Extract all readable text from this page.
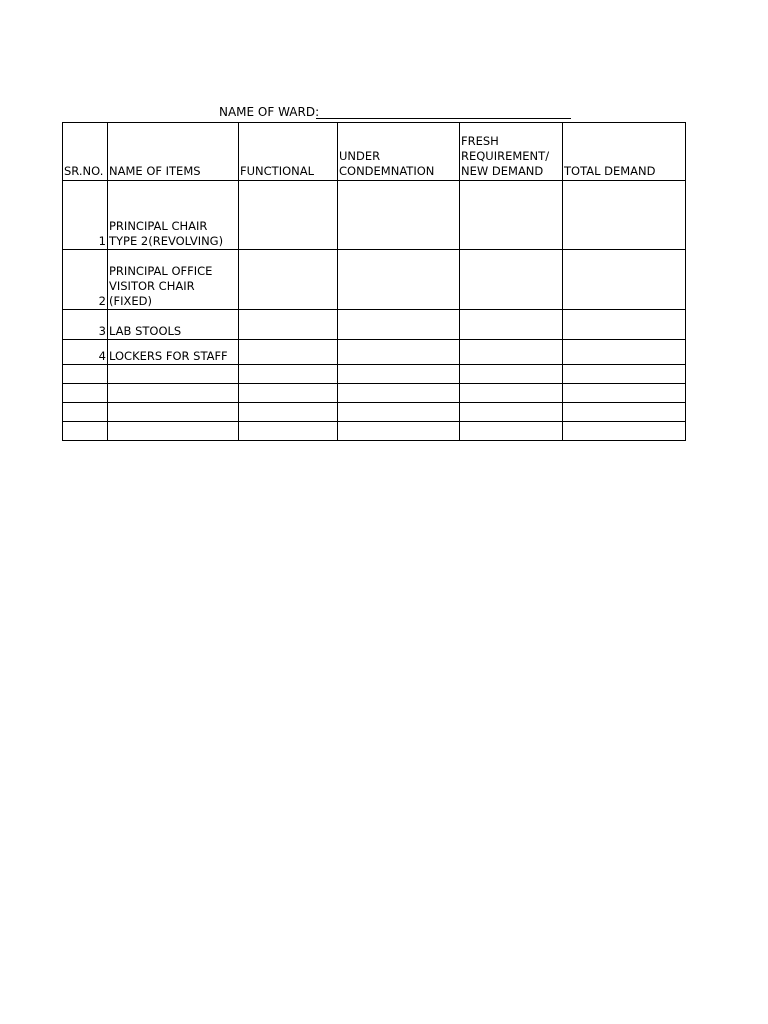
NAME OF WARD:
SR.NO.	NAME OF ITEMS	FUNCTIONAL	UNDER CONDEMNATION	FRESH REQUIREMENT/ NEW DEMAND	TOTAL DEMAND
1	PRINCIPAL CHAIR TYPE 2(REVOLVING)				
2	PRINCIPAL OFFICE VISITOR CHAIR (FIXED)				
3	LAB STOOLS				
4	LOCKERS FOR STAFF				
